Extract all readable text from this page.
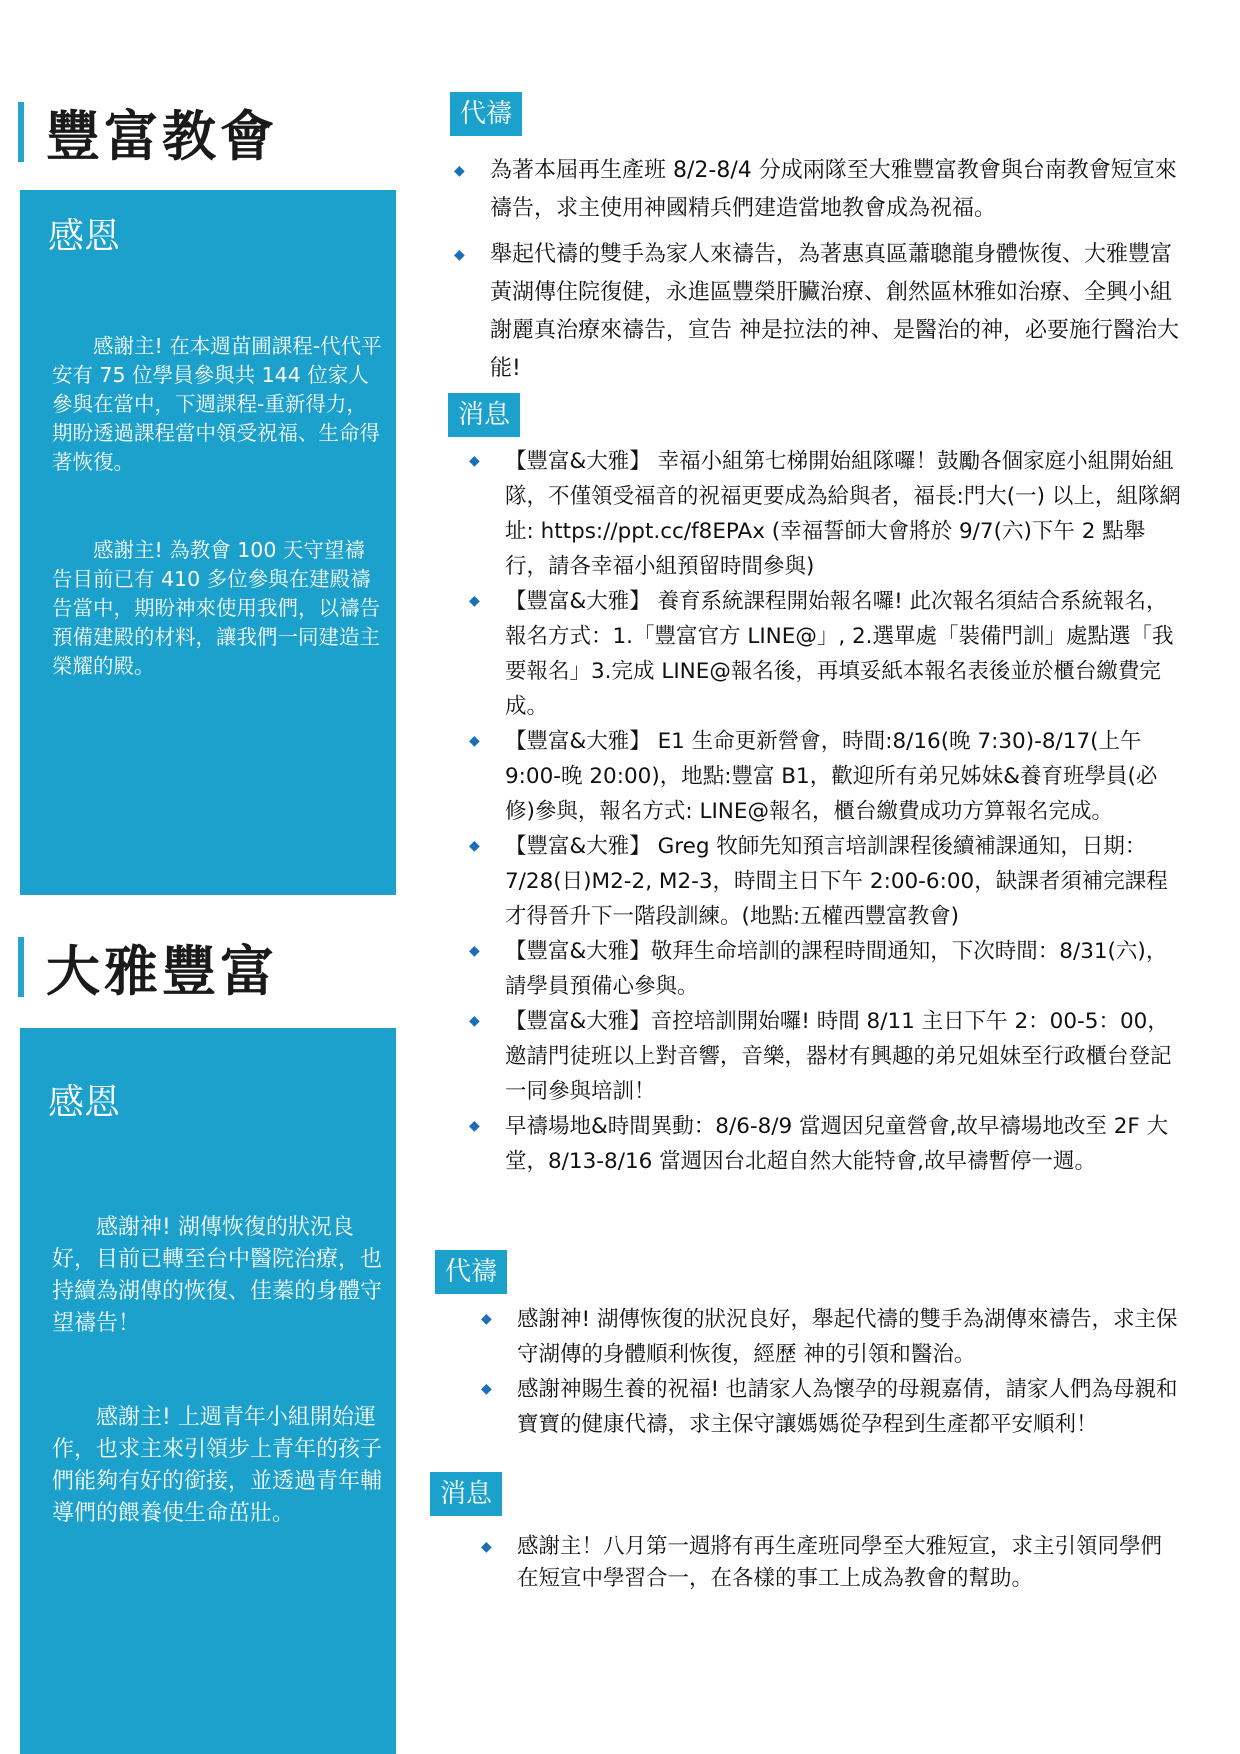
豐富教會
感恩
感謝主! 在本週苗圃課程-代代平安有 75 位學員參與共 144 位家人參與在當中，下週課程-重新得力，期盼透過課程當中領受祝福、生命得著恢復。
感謝主! 為教會 100 天守望禱告目前已有 410 多位參與在建殿禱告當中，期盼神來使用我們，以禱告預備建殿的材料，讓我們一同建造主榮耀的殿。
大雅豐富
感恩
感謝神! 湖傳恢復的狀況良好，目前已轉至台中醫院治療，也持續為湖傳的恢復、佳蓁的身體守望禱告！
感謝主! 上週青年小組開始運作，也求主來引領步上青年的孩子們能夠有好的銜接，並透過青年輔導們的餵養使生命茁壯。
代禱
◆ 為著本屆再生產班 8/2-8/4 分成兩隊至大雅豐富教會與台南教會短宣來禱告，求主使用神國精兵們建造當地教會成為祝福。
◆ 舉起代禱的雙手為家人來禱告，為著惠真區蕭聰龍身體恢復、大雅豐富黃湖傳住院復健，永進區豐榮肝臟治療、創然區林雅如治療、全興小組謝麗真治療來禱告，宣告 神是拉法的神、是醫治的神，必要施行醫治大能!
消息
◆ 【豐富&大雅】 幸福小組第七梯開始組隊囉！鼓勵各個家庭小組開始組隊，不僅領受福音的祝福更要成為給與者，福長:門大(一) 以上，組隊網址: https://ppt.cc/f8EPAx (幸福誓師大會將於 9/7(六)下午 2 點舉行，請各幸福小組預留時間參與)
◆ 【豐富&大雅】 養育系統課程開始報名囉! 此次報名須結合系統報名，報名方式：1.「豐富官方 LINE@」, 2.選單處「裝備門訓」處點選「我要報名」3.完成 LINE@報名後，再填妥紙本報名表後並於櫃台繳費完成。
◆ 【豐富&大雅】 E1 生命更新營會，時間:8/16(晚 7:30)-8/17(上午 9:00-晚 20:00)，地點:豐富 B1，歡迎所有弟兄姊妹&養育班學員(必修)參與，報名方式: LINE@報名，櫃台繳費成功方算報名完成。
◆ 【豐富&大雅】 Greg 牧師先知預言培訓課程後續補課通知，日期：7/28(日)M2-2, M2-3，時間主日下午 2:00-6:00，缺課者須補完課程才得晉升下一階段訓練。(地點:五權西豐富教會)
◆ 【豐富&大雅】敬拜生命培訓的課程時間通知，下次時間：8/31(六)，請學員預備心參與。
◆ 【豐富&大雅】音控培訓開始囉! 時間 8/11 主日下午 2：00-5：00，邀請門徒班以上對音響，音樂，器材有興趣的弟兄姐妹至行政櫃台登記一同參與培訓！
◆ 早禱場地&時間異動：8/6-8/9 當週因兒童營會,故早禱場地改至 2F 大堂，8/13-8/16 當週因台北超自然大能特會,故早禱暫停一週。
代禱
◆ 感謝神! 湖傳恢復的狀況良好，舉起代禱的雙手為湖傳來禱告，求主保守湖傳的身體順利恢復，經歷 神的引領和醫治。
◆ 感謝神賜生養的祝福! 也請家人為懷孕的母親嘉倩，請家人們為母親和寶寶的健康代禱，求主保守讓媽媽從孕程到生產都平安順利！
消息
◆ 感謝主！八月第一週將有再生產班同學至大雅短宣，求主引領同學們在短宣中學習合一，在各樣的事工上成為教會的幫助。
